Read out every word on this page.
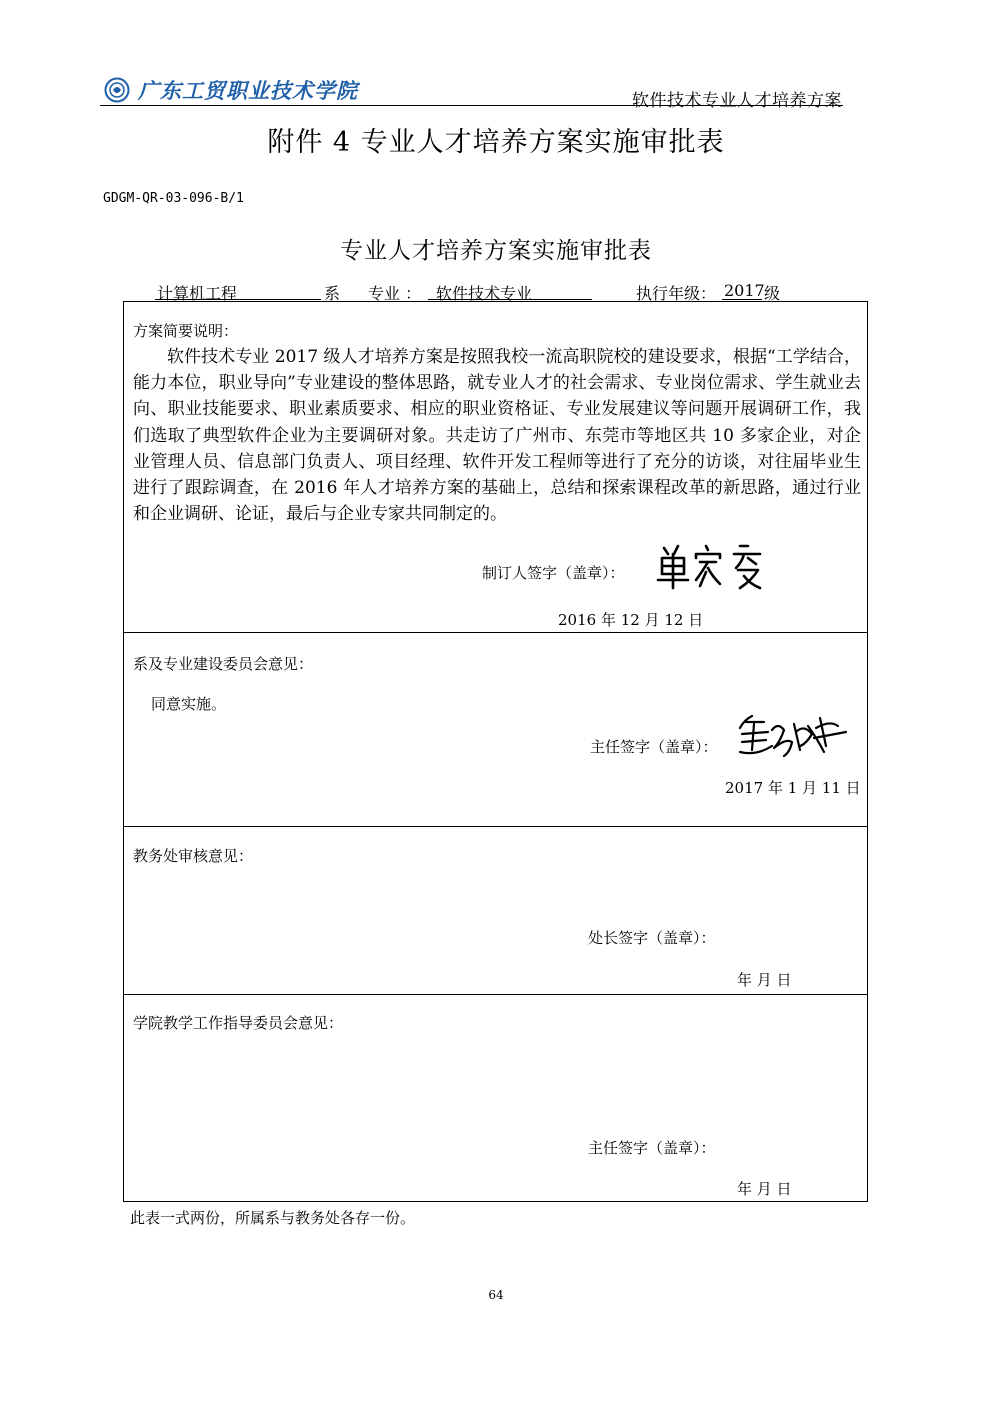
广东工贸职业技术学院	软件技术专业人才培养方案
附件 4 专业人才培养方案实施审批表
GDGM-QR-03-096-B/1
专业人才培养方案实施审批表
计算机工程	系 专业 ： 软件技术专业	执行年级： 2017 级
方案简要说明：

软件技术专业 2017 级人才培养方案是按照我校一流高职院校的建设要求，根据“工学结合，能力本位，职业导向”专业建设的整体思路，就专业人才的社会需求、专业岗位需求、学生就业去向、职业技能要求、职业素质要求、相应的职业资格证、专业发展建议等问题开展调研工作，我们选取了典型软件企业为主要调研对象。共走访了广州市、东莞市等地区共 10 多家企业，对企业管理人员、信息部门负责人、项目经理、软件开发工程师等进行了充分的访谈，对往届毕业生进行了跟踪调查，在 2016 年人才培养方案的基础上，总结和探索课程改革的新思路，通过行业和企业调研、论证，最后与企业专家共同制定的。

制订人签字（盖章）：
2016 年 12 月 12 日
系及专业建设委员会意见：
同意实施。
主任签字（盖章）：
2017 年 1 月 11 日
教务处审核意见：
处长签字（盖章）：
年 月 日
学院教学工作指导委员会意见：
主任签字（盖章）：
年 月 日
此表一式两份，所属系与教务处各存一份。
64
